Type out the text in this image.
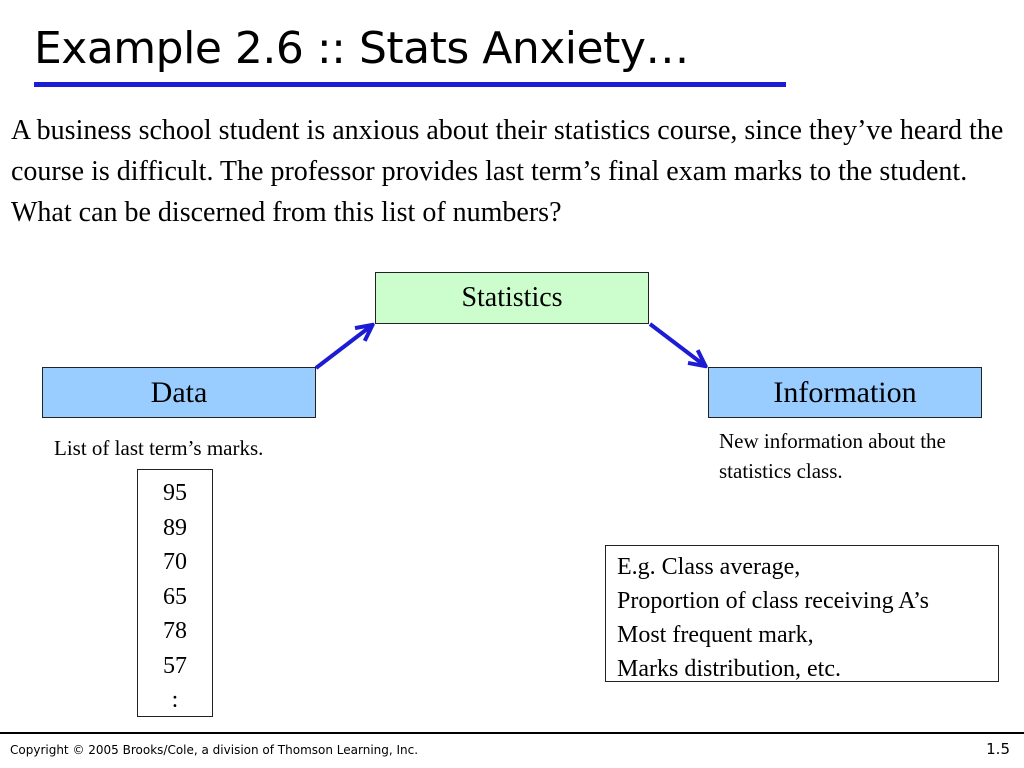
Example 2.6 :: Stats Anxiety…

A business school student is anxious about their statistics course, since they’ve heard the course is difficult. The professor provides last term’s final exam marks to the student. What can be discerned from this list of numbers?

Statistics
Data	Information
List of last term’s marks.	New information about the statistics class.
95
89
70
65
78
57
:
E.g. Class average,
Proportion of class receiving A’s
Most frequent mark,
Marks distribution, etc.
Copyright © 2005 Brooks/Cole, a division of Thomson Learning, Inc.	1.5
